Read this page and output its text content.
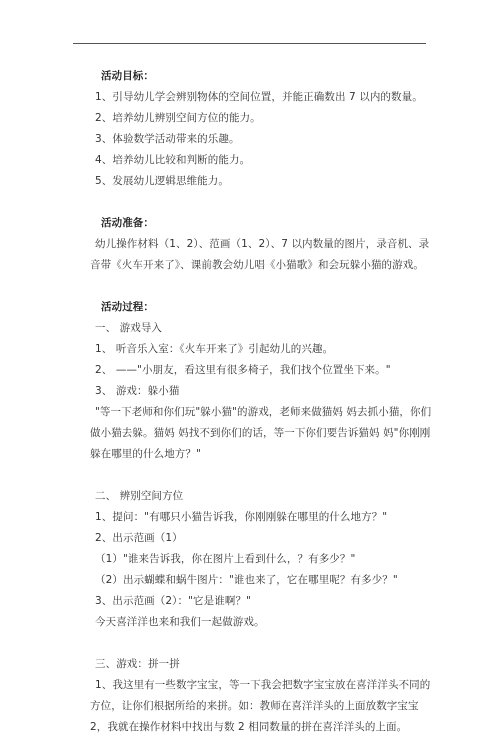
活动目标：
1、引导幼儿学会辨别物体的空间位置，并能正确数出 7 以内的数量。
2、培养幼儿辨别空间方位的能力。
3、体验数学活动带来的乐趣。
4、培养幼儿比较和判断的能力。
5、发展幼儿逻辑思维能力。
活动准备：
幼儿操作材料（1、2）、范画（1、2）、7 以内数量的图片，录音机、录音带《火车开来了》、课前教会幼儿唱《小猫歌》和会玩躲小猫的游戏。
活动过程：
一、 游戏导入
1、 听音乐入室：《火车开来了》引起幼儿的兴趣。
2、 ——"小朋友，看这里有很多椅子，我们找个位置坐下来。"
3、 游戏：躲小猫
"等一下老师和你们玩"躲小猫"的游戏，老师来做猫妈 妈去抓小猫，你们做小猫去躲。猫妈 妈找不到你们的话，等一下你们要告诉猫妈 妈"你刚刚躲在哪里的什么地方？"
二、 辨别空间方位
1、提问："有哪只小猫告诉我，你刚刚躲在哪里的什么地方？"
2、出示范画（1）
（1）"谁来告诉我，你在图片上看到什么，？有多少？"
（2）出示蝴蝶和蜗牛图片："谁也来了，它在哪里呢？有多少？"
3、出示范画（2）："它是谁啊？"
今天喜洋洋也来和我们一起做游戏。
三、游戏：拼一拼
1、我这里有一些数字宝宝，等一下我会把数字宝宝放在喜洋洋头不同的方位，让你们根据所给的来拼。如：教师在喜洋洋头的上面放数字宝宝 2，我就在操作材料中找出与数 2 相同数量的拼在喜洋洋头的上面。
